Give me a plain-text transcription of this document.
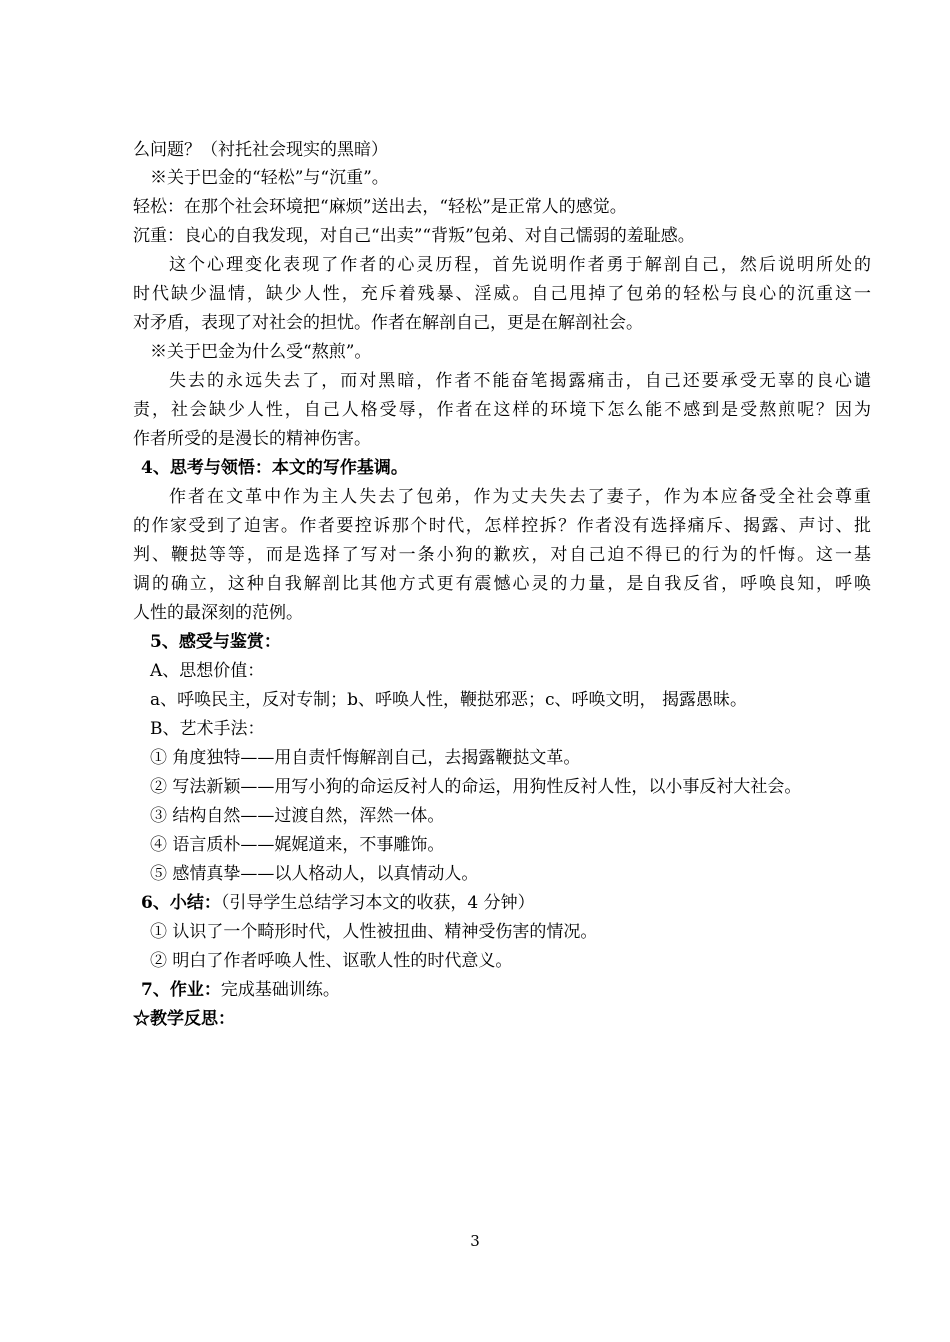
么问题？（衬托社会现实的黑暗）
※关于巴金的“轻松”与“沉重”。
轻松：在那个社会环境把“麻烦”送出去，“轻松”是正常人的感觉。
沉重：良心的自我发现，对自己“出卖”“背叛”包弟、对自己懦弱的羞耻感。
这个心理变化表现了作者的心灵历程，首先说明作者勇于解剖自己，然后说明所处的
时代缺少温情，缺少人性，充斥着残暴、淫威。自己甩掉了包弟的轻松与良心的沉重这一
对矛盾，表现了对社会的担忧。作者在解剖自己，更是在解剖社会。
※关于巴金为什么受“熬煎”。
失去的永远失去了，而对黑暗，作者不能奋笔揭露痛击，自己还要承受无辜的良心谴
责，社会缺少人性，自己人格受辱，作者在这样的环境下怎么能不感到是受熬煎呢？因为
作者所受的是漫长的精神伤害。
4、思考与领悟：本文的写作基调。
作者在文革中作为主人失去了包弟，作为丈夫失去了妻子，作为本应备受全社会尊重
的作家受到了迫害。作者要控诉那个时代，怎样控拆？作者没有选择痛斥、揭露、声讨、批
判、鞭挞等等，而是选择了写对一条小狗的歉疚，对自己迫不得已的行为的忏悔。这一基
调的确立，这种自我解剖比其他方式更有震憾心灵的力量，是自我反省，呼唤良知，呼唤
人性的最深刻的范例。
5、感受与鉴赏：
A、思想价值：
a、呼唤民主，反对专制；b、呼唤人性，鞭挞邪恶；c、呼唤文明， 揭露愚昧。
B、艺术手法：
① 角度独特——用自责忏悔解剖自己，去揭露鞭挞文革。
② 写法新颖——用写小狗的命运反衬人的命运，用狗性反衬人性，以小事反衬大社会。
③ 结构自然——过渡自然，浑然一体。
④ 语言质朴——娓娓道来，不事雕饰。
⑤ 感情真挚——以人格动人，以真情动人。
6、小结：（引导学生总结学习本文的收获，4 分钟）
① 认识了一个畸形时代，人性被扭曲、精神受伤害的情况。
② 明白了作者呼唤人性、讴歌人性的时代意义。
7、作业：完成基础训练。
☆教学反思：
3
